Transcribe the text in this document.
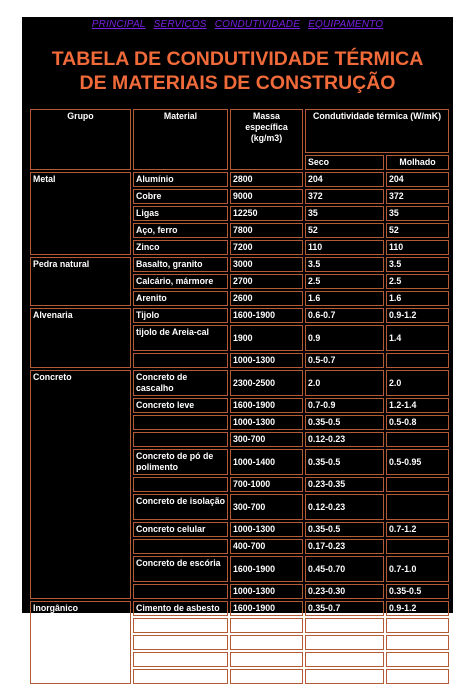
PRINCIPAL SERVIÇOS CONDUTIVIDADE EQUIPAMENTO
TABELA DE CONDUTIVIDADE TÉRMICA
DE MATERIAIS DE CONSTRUÇÃO
Grupo	Material	Massa específica (kg/m3)	Condutividade térmica (W/mK)	
			Seco	Molhado
Metal	Alumínio	2800	204	204
	Cobre	9000	372	372
	Ligas	12250	35	35
	Aço, ferro	7800	52	52
	Zinco	7200	110	110
Pedra natural	Basalto, granito	3000	3.5	3.5
	Calcário, mármore	2700	2.5	2.5
	Arenito	2600	1.6	1.6
Alvenaria	Tijolo	1600-1900	0.6-0.7	0.9-1.2
	tijolo de Areia-cal	1900	0.9	1.4
		1000-1300	0.5-0.7	
Concreto	Concreto de cascalho	2300-2500	2.0	2.0
	Concreto leve	1600-1900	0.7-0.9	1.2-1.4
		1000-1300	0.35-0.5	0.5-0.8
		300-700	0.12-0.23	
	Concreto de pó de polimento	1000-1400	0.35-0.5	0.5-0.95
		700-1000	0.23-0.35	
	Concreto de isolação	300-700	0.12-0.23	
	Concreto celular	1000-1300	0.35-0.5	0.7-1.2
		400-700	0.17-0.23	
	Concreto de escória	1600-1900	0.45-0.70	0.7-1.0
		1000-1300	0.23-0.30	0.35-0.5
Inorgânico	Cimento de asbesto	1600-1900	0.35-0.7	0.9-1.2
	Placa gipsita	800-1400	0.23-0.45	
	Cartão gipsita	900	0.20	
	Vidro	2500	0.8	0.8
	Lã de Vidro	150	0.04	
